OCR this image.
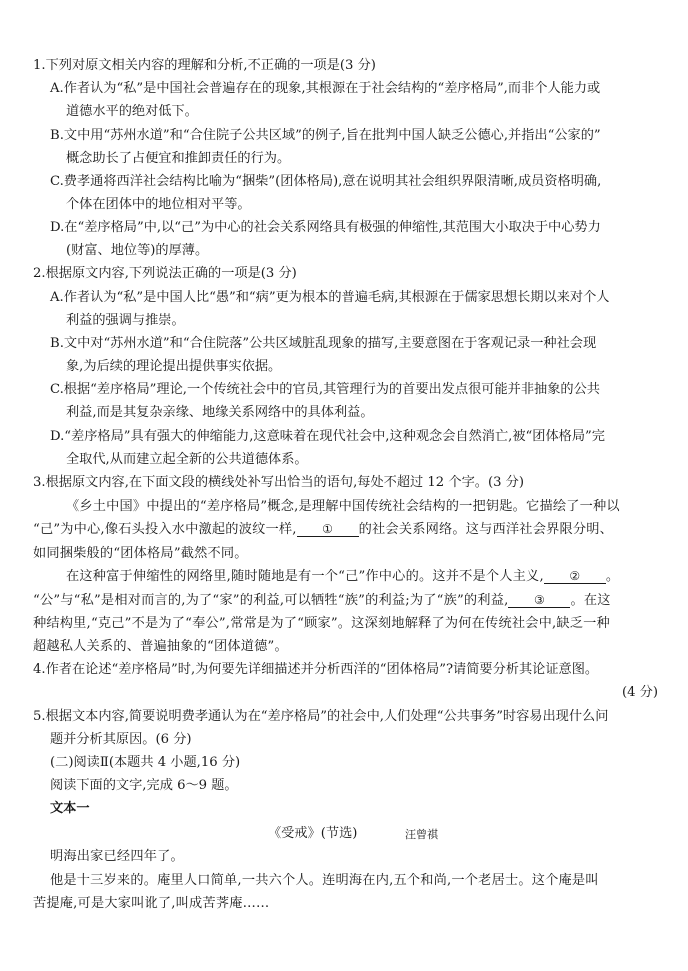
1.下列对原文相关内容的理解和分析,不正确的一项是(3 分)
A.作者认为“私”是中国社会普遍存在的现象,其根源在于社会结构的“差序格局”,而非个人能力或
道德水平的绝对低下。
B.文中用“苏州水道”和“合住院子公共区域”的例子,旨在批判中国人缺乏公德心,并指出“公家的”
概念助长了占便宜和推卸责任的行为。
C.费孝通将西洋社会结构比喻为“捆柴”(团体格局),意在说明其社会组织界限清晰,成员资格明确,
个体在团体中的地位相对平等。
D.在“差序格局”中,以“己”为中心的社会关系网络具有极强的伸缩性,其范围大小取决于中心势力
(财富、地位等)的厚薄。
2.根据原文内容,下列说法正确的一项是(3 分)
A.作者认为“私”是中国人比“愚”和“病”更为根本的普遍毛病,其根源在于儒家思想长期以来对个人
利益的强调与推崇。
B.文中对“苏州水道”和“合住院落”公共区域脏乱现象的描写,主要意图在于客观记录一种社会现
象,为后续的理论提出提供事实依据。
C.根据“差序格局”理论,一个传统社会中的官员,其管理行为的首要出发点很可能并非抽象的公共
利益,而是其复杂亲缘、地缘关系网络中的具体利益。
D.“差序格局”具有强大的伸缩能力,这意味着在现代社会中,这种观念会自然消亡,被“团体格局”完
全取代,从而建立起全新的公共道德体系。
3.根据原文内容,在下面文段的横线处补写出恰当的语句,每处不超过 12 个字。(3 分)
《乡土中国》中提出的“差序格局”概念,是理解中国传统社会结构的一把钥匙。它描绘了一种以
“己”为中心,像石头投入水中激起的波纹一样, ① 的社会关系网络。这与西洋社会界限分明、
如同捆柴般的“团体格局”截然不同。
在这种富于伸缩性的网络里,随时随地是有一个“己”作中心的。这并不是个人主义, ② 。
“公”与“私”是相对而言的,为了“家”的利益,可以牺牲“族”的利益;为了“族”的利益, ③ 。在这
种结构里,“克己”不是为了“奉公”,常常是为了“顾家”。这深刻地解释了为何在传统社会中,缺乏一种
超越私人关系的、普遍抽象的“团体道德”。
4.作者在论述“差序格局”时,为何要先详细描述并分析西洋的“团体格局”?请简要分析其论证意图。
(4 分)
5.根据文本内容,简要说明费孝通认为在“差序格局”的社会中,人们处理“公共事务”时容易出现什么问
题并分析其原因。(6 分)
(二)阅读Ⅱ(本题共 4 小题,16 分)
阅读下面的文字,完成 6～9 题。
文本一
《受戒》(节选)	汪曾祺
明海出家已经四年了。
他是十三岁来的。庵里人口简单,一共六个人。连明海在内,五个和尚,一个老居士。这个庵是叫
苦提庵,可是大家叫讹了,叫成苦荠庵……
